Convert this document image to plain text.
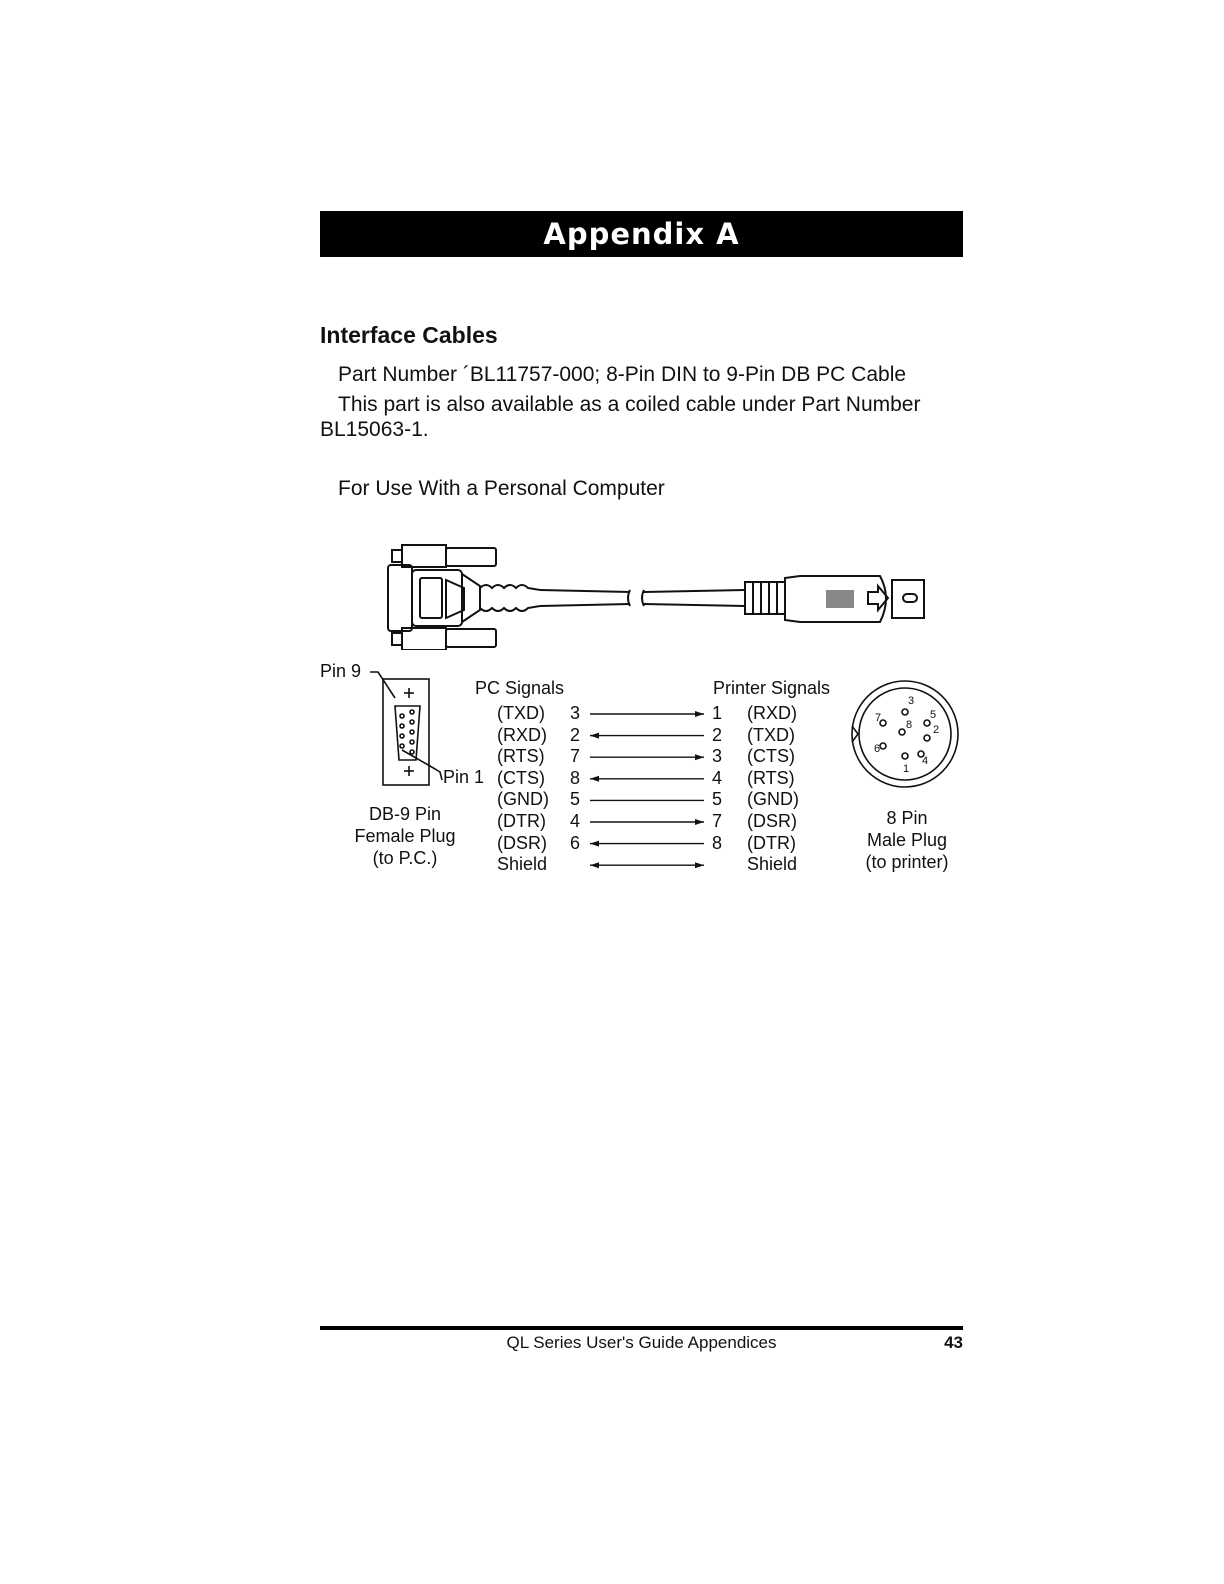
Appendix A
Interface Cables
Part Number ´BL11757-000; 8-Pin DIN to 9-Pin DB PC Cable
This part is also available as a coiled cable under Part Number BL15063-1.
For Use With a Personal Computer
Pin 9
Pin 1
DB-9 Pin
Female Plug
(to P.C.)
PC Signals	Printer Signals
(TXD)
(RXD)
(RTS)
(CTS)
(GND)
(DTR)
(DSR)
Shield
3
2
7
8
5
4
6

1
2
3
4
5
7
8

(RXD)
(TXD)
(CTS)
(RTS)
(GND)
(DSR)
(DTR)
Shield
1
2
3
4
5
6
7
8
8 Pin
Male Plug
(to printer)
QL Series User's Guide Appendices	43
